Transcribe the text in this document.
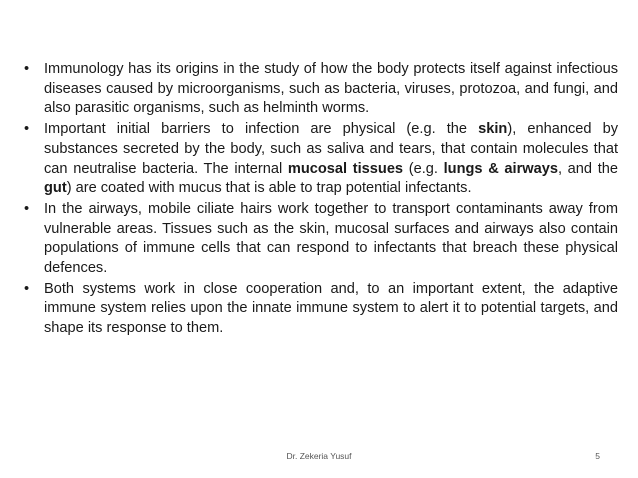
• Immunology has its origins in the study of how the body protects itself against infectious diseases caused by microorganisms, such as bacteria, viruses, protozoa, and fungi, and also parasitic organisms, such as helminth worms.
• Important initial barriers to infection are physical (e.g. the skin), enhanced by substances secreted by the body, such as saliva and tears, that contain molecules that can neutralise bacteria. The internal mucosal tissues (e.g. lungs & airways, and the gut) are coated with mucus that is able to trap potential infectants.
• In the airways, mobile ciliate hairs work together to transport contaminants away from vulnerable areas. Tissues such as the skin, mucosal surfaces and airways also contain populations of immune cells that can respond to infectants that breach these physical defences.
• Both systems work in close cooperation and, to an important extent, the adaptive immune system relies upon the innate immune system to alert it to potential targets, and shape its response to them.
Dr. Zekeria Yusuf	5
